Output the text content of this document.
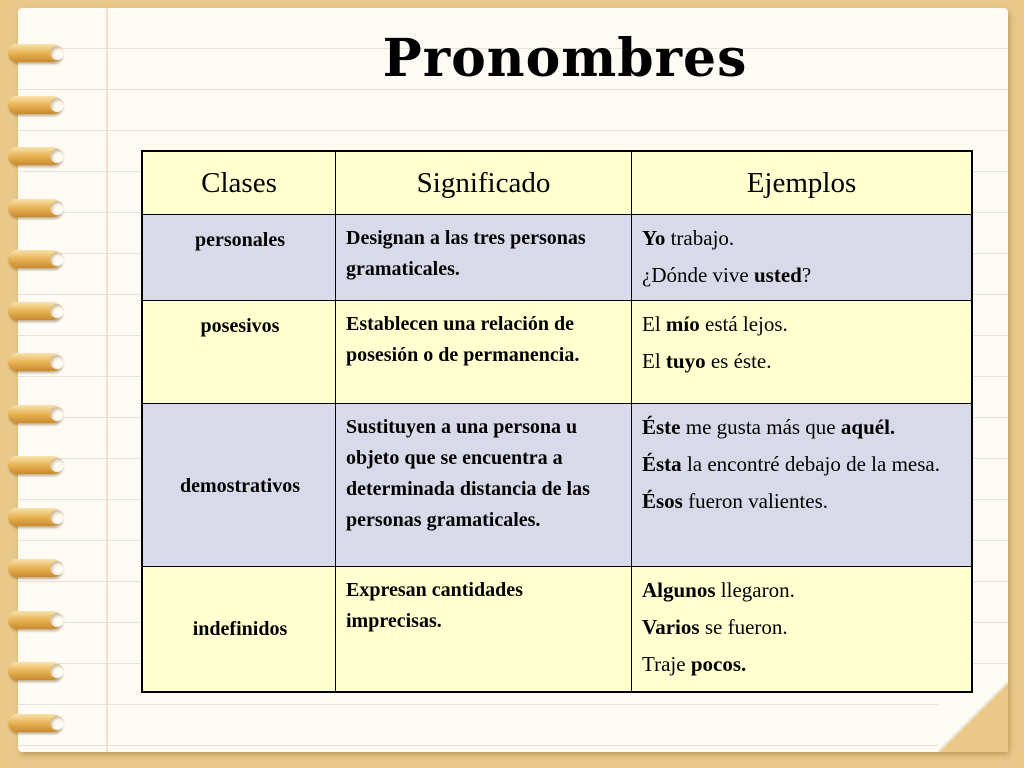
Pronombres
Clases	Significado	Ejemplos
personales	Designan a las tres personas gramaticales.	Yo trabajo.
¿Dónde vive usted?

posesivos	Establecen una relación de posesión o de permanencia.	El mío está lejos.
El tuyo es éste.

demostrativos	Sustituyen a una persona u objeto que se encuentra a determinada distancia de las personas gramaticales.	Éste me gusta más que aquél.
Ésta la encontré debajo de la mesa.
Ésos fueron valientes.

indefinidos	Expresan cantidades imprecisas.	Algunos llegaron.
Varios se fueron.
Traje pocos.
